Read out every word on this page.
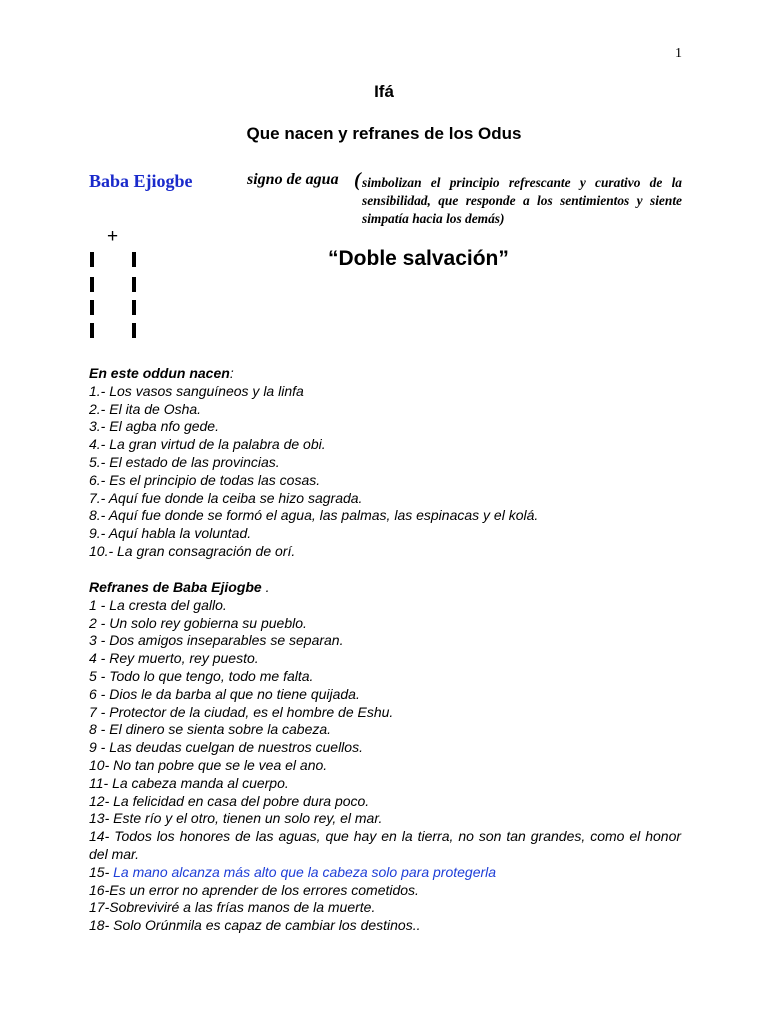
1
Ifá
Que nacen y refranes de los Odus
Baba Ejiogbe	signo de agua ( simbolizan el principio refrescante y curativo de la sensibilidad, que responde a los sentimientos y siente simpatía hacia los demás)
+
“Doble salvación”
En este oddun nacen:
1.- Los vasos sanguíneos y la linfa
2.- El ita de Osha.
3.- El agba nfo gede.
4.- La gran virtud de la palabra de obi.
5.- El estado de las provincias.
6.- Es el principio de todas las cosas.
7.- Aquí fue donde la ceiba se hizo sagrada.
8.- Aquí fue donde se formó el agua, las palmas, las espinacas y el kolá.
9.- Aquí habla la voluntad.
10.- La gran consagración de orí.
Refranes de Baba Ejiogbe .
1 - La cresta del gallo.
2 - Un solo rey gobierna su pueblo.
3 - Dos amigos inseparables se separan.
4 - Rey muerto, rey puesto.
5 - Todo lo que tengo, todo me falta.
6 - Dios le da barba al que no tiene quijada.
7 - Protector de la ciudad, es el hombre de Eshu.
8 - El dinero se sienta sobre la cabeza.
9 - Las deudas cuelgan de nuestros cuellos.
10- No tan pobre que se le vea el ano.
11- La cabeza manda al cuerpo.
12- La felicidad en casa del pobre dura poco.
13- Este río y el otro, tienen un solo rey, el mar.
14- Todos los honores de las aguas, que hay en la tierra, no son tan grandes, como el honor del mar.
15- La mano alcanza más alto que la cabeza solo para protegerla
16-Es un error no aprender de los errores cometidos.
17-Sobreviviré a las frías manos de la muerte.
18- Solo Orúnmila es capaz de cambiar los destinos..
